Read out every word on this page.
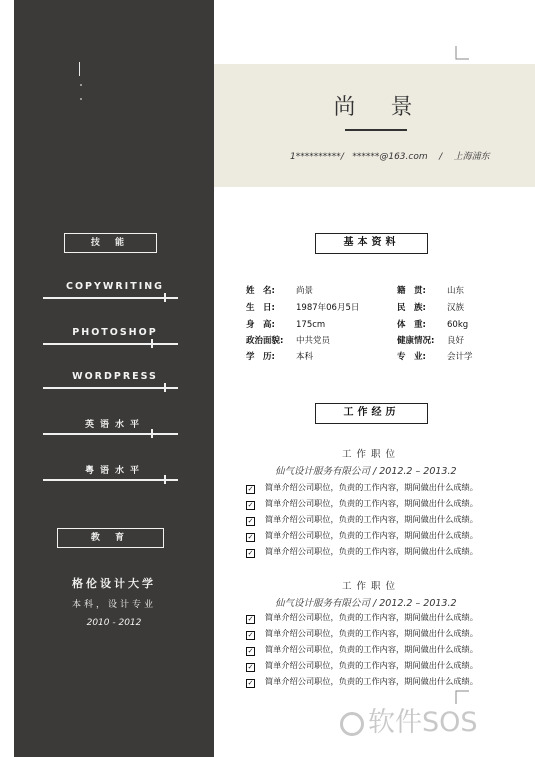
技 能
COPYWRITING
PHOTOSHOP
WORDPRESS
英语水平
粤语水平
教 育
格伦设计大学
本科，设计专业
2010 - 2012
尚 景
1**********/ ******@163.com / 上海浦东
基本资料
姓　名: 尚景
生　日: 1987年06月5日
身　高: 175cm
政治面貌: 中共党员
学　历: 本科
籍　贯: 山东
民　族: 汉族
体　重: 60kg
健康情况: 良好
专　业: 会计学
工作经历
工作职位
仙气设计服务有限公司 / 2012.2 – 2013.2
✓ 简单介绍公司职位，负责的工作内容，期间做出什么成绩。
✓ 简单介绍公司职位，负责的工作内容，期间做出什么成绩。
✓ 简单介绍公司职位，负责的工作内容，期间做出什么成绩。
✓ 简单介绍公司职位，负责的工作内容，期间做出什么成绩。
✓ 简单介绍公司职位，负责的工作内容，期间做出什么成绩。
工作职位
仙气设计服务有限公司 / 2012.2 – 2013.2
✓ 简单介绍公司职位，负责的工作内容，期间做出什么成绩。
✓ 简单介绍公司职位，负责的工作内容，期间做出什么成绩。
✓ 简单介绍公司职位，负责的工作内容，期间做出什么成绩。
✓ 简单介绍公司职位，负责的工作内容，期间做出什么成绩。
✓ 简单介绍公司职位，负责的工作内容，期间做出什么成绩。
软件SOS
